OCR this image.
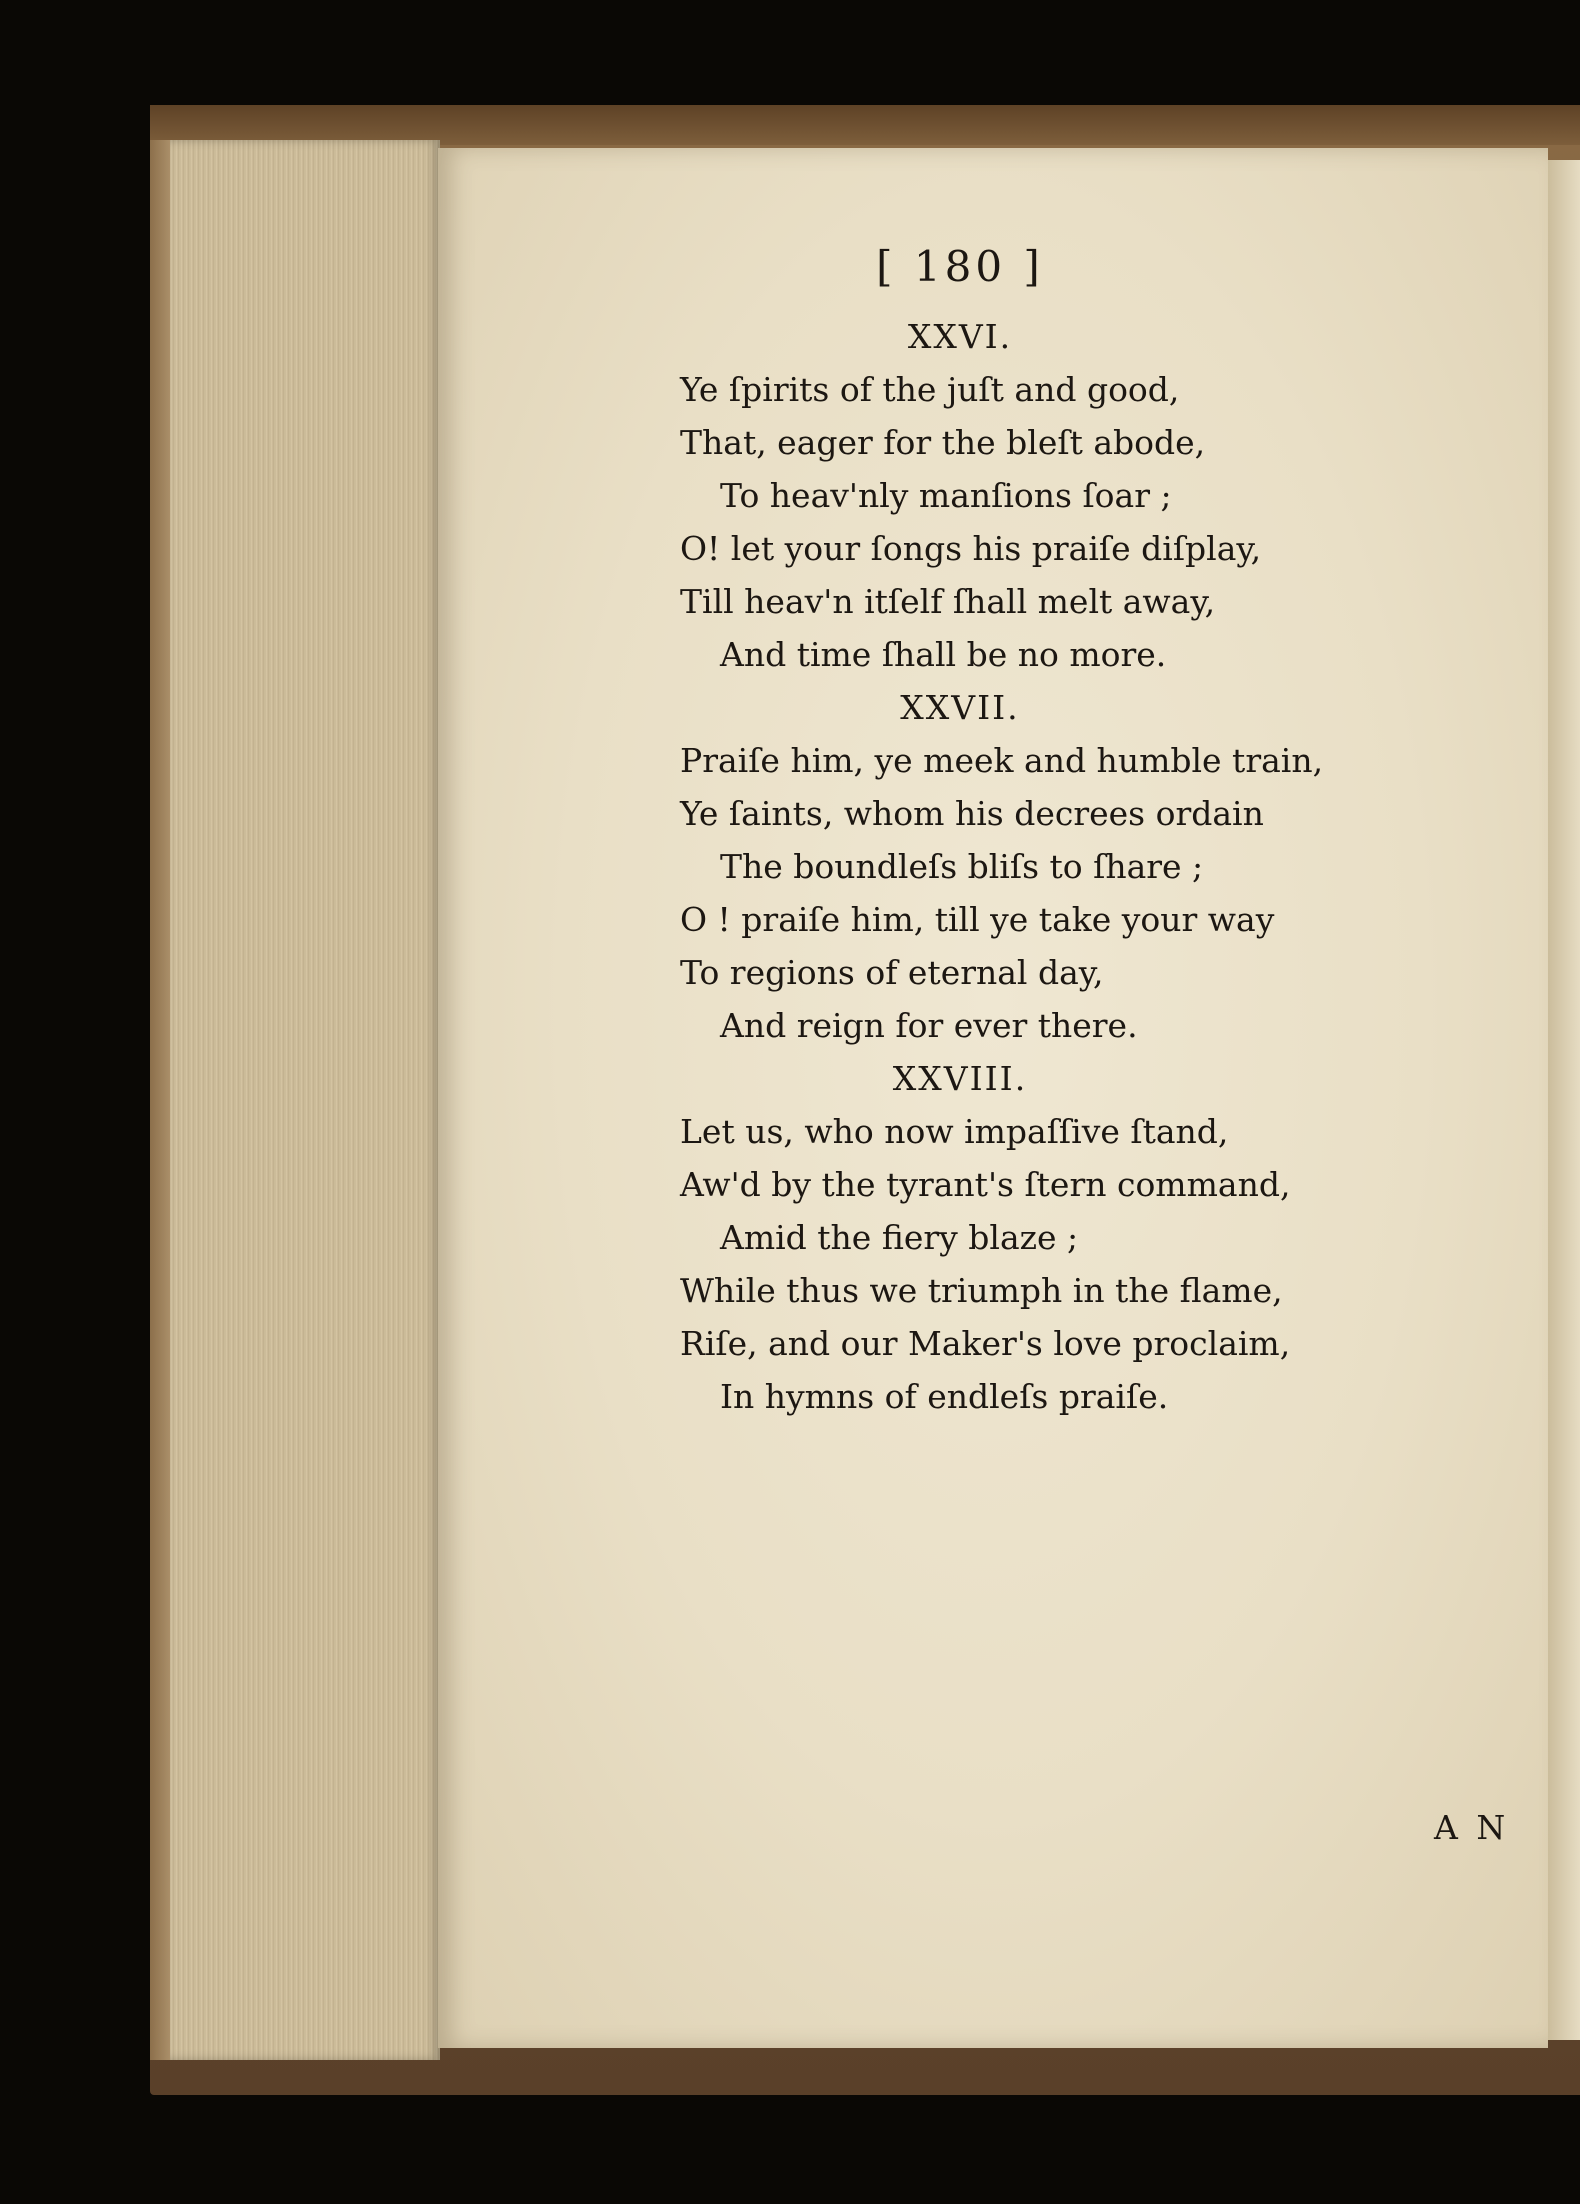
[ 180 ]
XXVI.
Ye ſpirits of the juſt and good,
That, eager for the bleſt abode,
To heav'nly manſions ſoar ;
O! let your ſongs his praiſe diſplay,
Till heav'n itſelf ſhall melt away,
And time ſhall be no more.
XXVII.
Praiſe him, ye meek and humble train,
Ye ſaints, whom his decrees ordain
The boundleſs bliſs to ſhare ;
O ! praiſe him, till ye take your way
To regions of eternal day,
And reign for ever there.
XXVIII.
Let us, who now impaſſive ſtand,
Aw'd by the tyrant's ſtern command,
Amid the fiery blaze ;
While thus we triumph in the flame,
Riſe, and our Maker's love proclaim,
In hymns of endleſs praiſe.
A N
